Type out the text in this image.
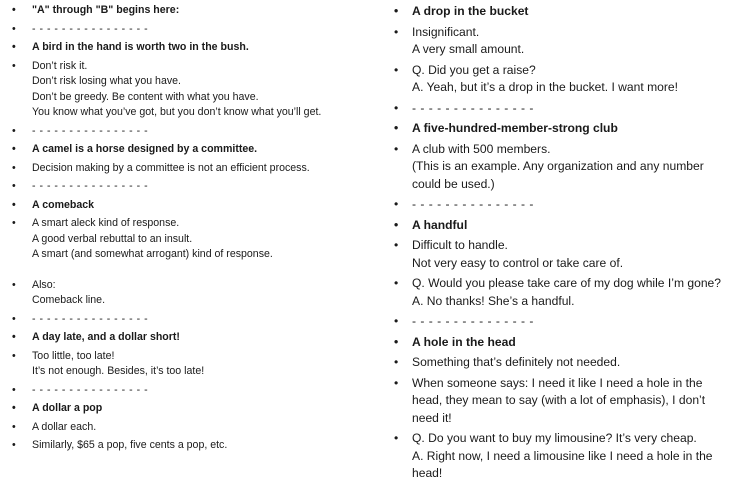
• "A" through "B" begins here:
• - - - - - - - - - - - - - - - -
• A bird in the hand is worth two in the bush.
• Don’t risk it.
Don’t risk losing what you have.
Don’t be greedy. Be content with what you have.
You know what you’ve got, but you don’t know what you’ll get.
• - - - - - - - - - - - - - - - -
• A camel is a horse designed by a committee.
• Decision making by a committee is not an efficient process.
• - - - - - - - - - - - - - - - -
• A comeback
• A smart aleck kind of response.
A good verbal rebuttal to an insult.
A smart (and somewhat arrogant) kind of response.
• Also:
Comeback line.
• - - - - - - - - - - - - - - - -
• A day late, and a dollar short!
• Too little, too late!
It’s not enough. Besides, it’s too late!
• - - - - - - - - - - - - - - - -
• A dollar a pop
• A dollar each.
• Similarly, $65 a pop, five cents a pop, etc.
• A drop in the bucket
• Insignificant.
A very small amount.
• Q. Did you get a raise?
A. Yeah, but it’s a drop in the bucket. I want more!
• - - - - - - - - - - - - - - -
• A five-hundred-member-strong club
• A club with 500 members.
(This is an example. Any organization and any number
could be used.)
• - - - - - - - - - - - - - - -
• A handful
• Difficult to handle.
Not very easy to control or take care of.
• Q. Would you please take care of my dog while I’m gone?
A. No thanks! She’s a handful.
• - - - - - - - - - - - - - - -
• A hole in the head
• Something that’s definitely not needed.
• When someone says: I need it like I need a hole in the
head, they mean to say (with a lot of emphasis), I don’t
need it!
• Q. Do you want to buy my limousine? It’s very cheap.
A. Right now, I need a limousine like I need a hole in the
head!
